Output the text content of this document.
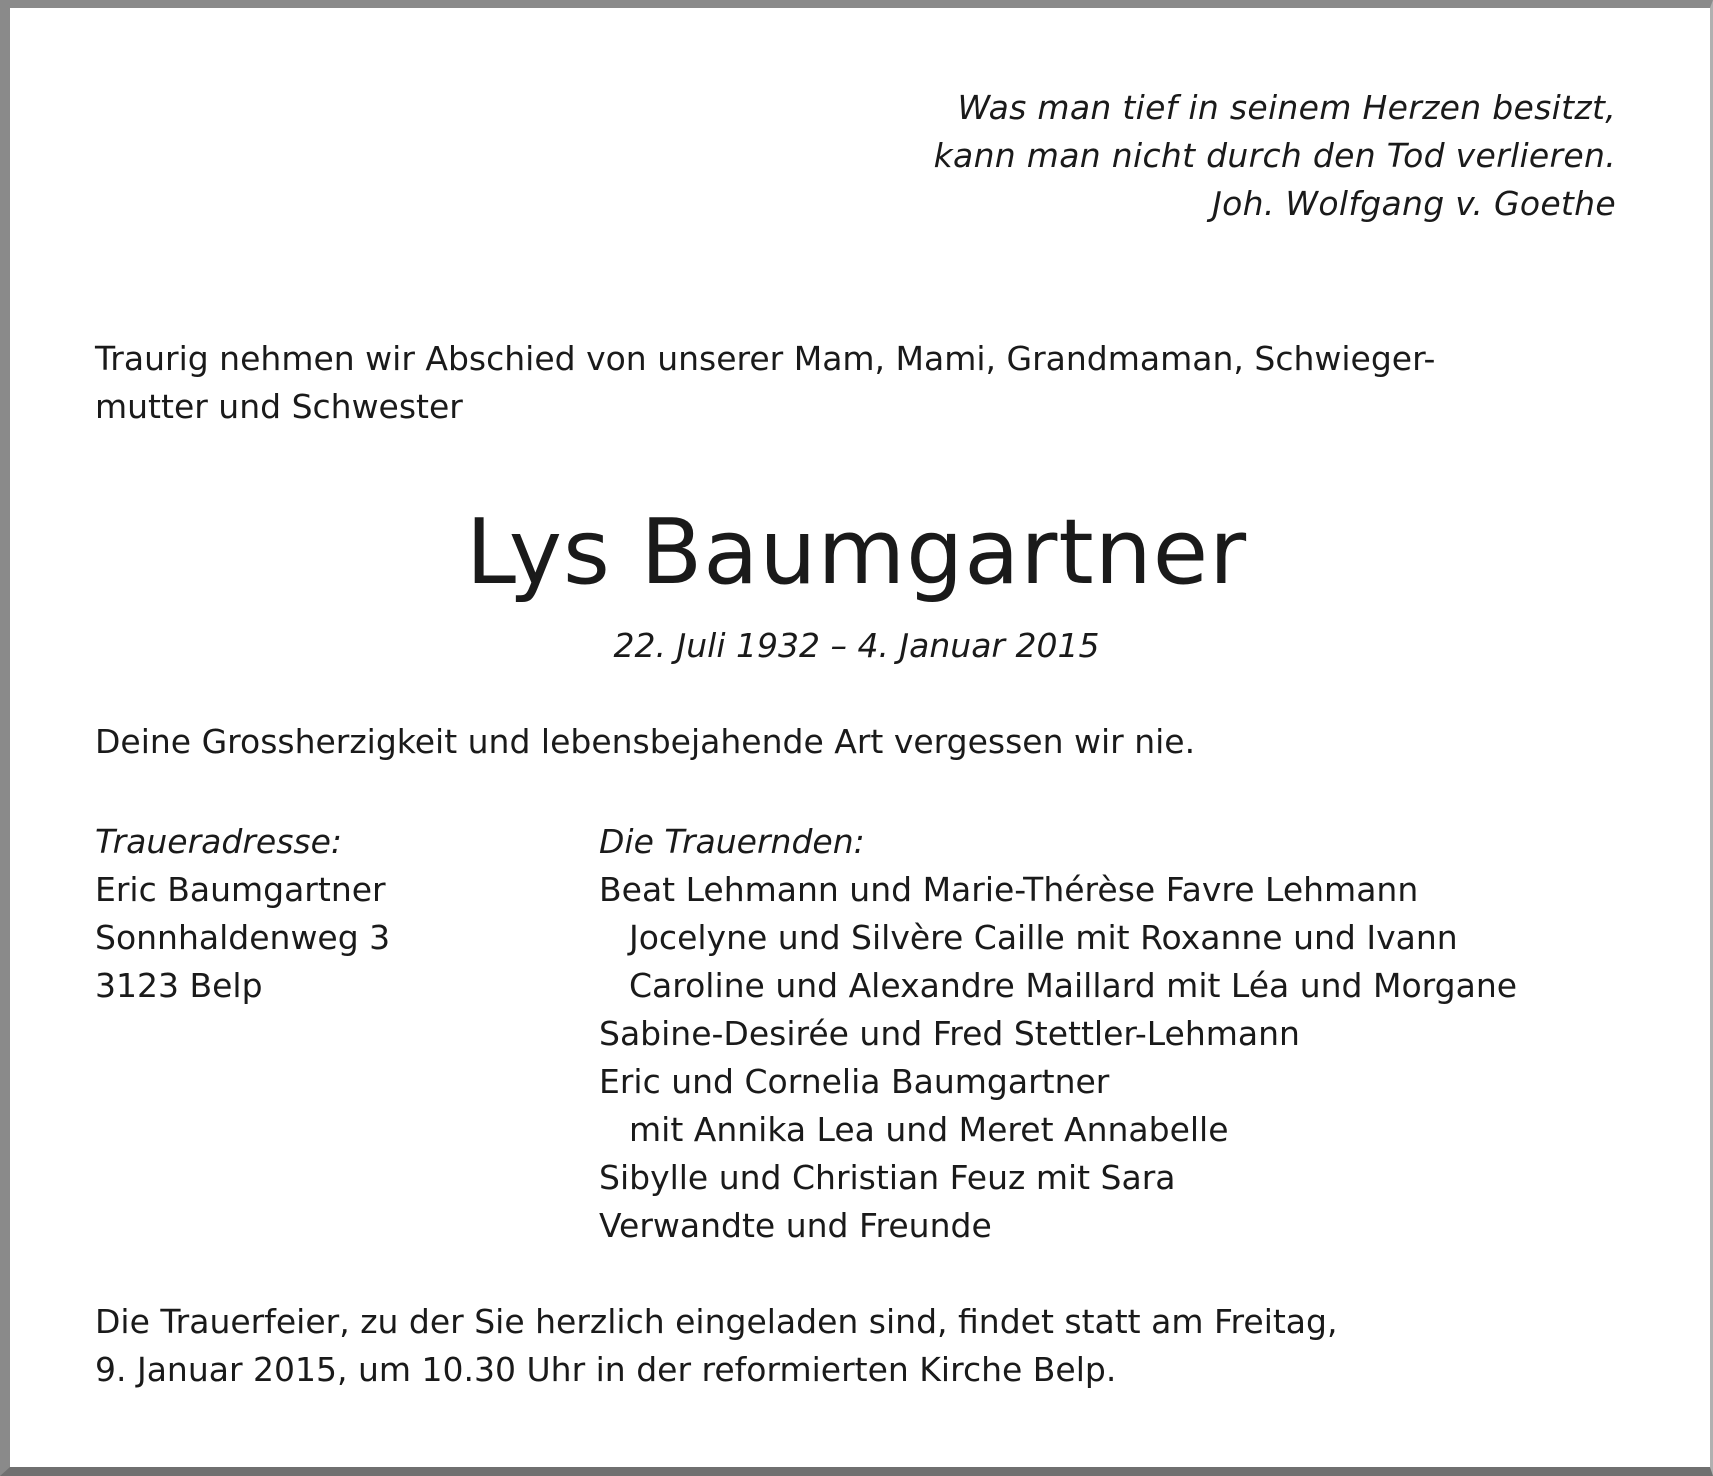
Was man tief in seinem Herzen besitzt,
kann man nicht durch den Tod verlieren.
Joh. Wolfgang v. Goethe
Traurig nehmen wir Abschied von unserer Mam, Mami, Grandmaman, Schwieger-
mutter und Schwester
Lys Baumgartner
22. Juli 1932 – 4. Januar 2015
Deine Grossherzigkeit und lebensbejahende Art vergessen wir nie.
Traueradresse:
Eric Baumgartner
Sonnhaldenweg 3
3123 Belp
Die Trauernden:
Beat Lehmann und Marie-Thérèse Favre Lehmann
Jocelyne und Silvère Caille mit Roxanne und Ivann
Caroline und Alexandre Maillard mit Léa und Morgane
Sabine-Desirée und Fred Stettler-Lehmann
Eric und Cornelia Baumgartner
mit Annika Lea und Meret Annabelle
Sibylle und Christian Feuz mit Sara
Verwandte und Freunde
Die Trauerfeier, zu der Sie herzlich eingeladen sind, findet statt am Freitag,
9. Januar 2015, um 10.30 Uhr in der reformierten Kirche Belp.
